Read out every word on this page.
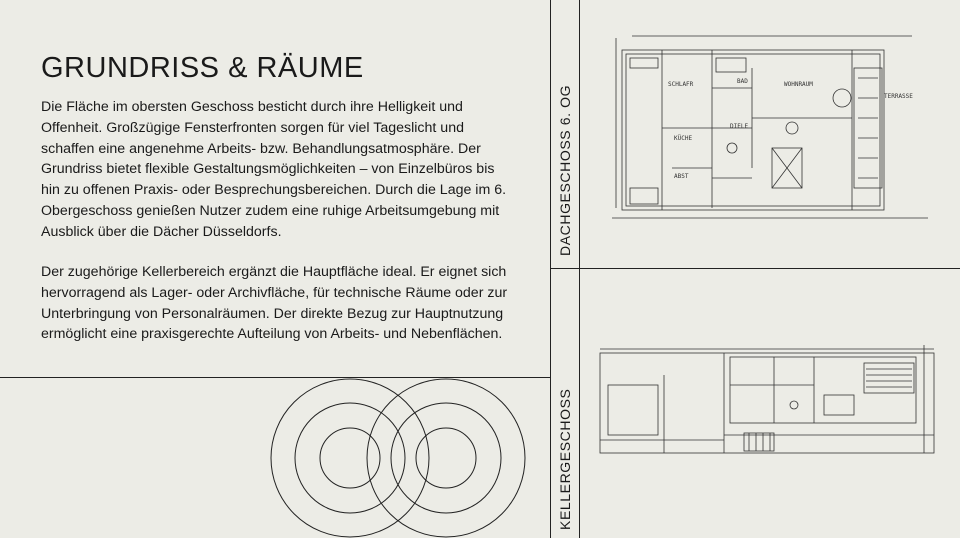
GRUNDRISS & RÄUME

Die Fläche im obersten Geschoss besticht durch ihre Helligkeit und Offenheit. Großzügige Fensterfronten sorgen für viel Tageslicht und schaffen eine angenehme Arbeits- bzw. Behandlungsatmosphäre. Der Grundriss bietet flexible Gestaltungsmöglichkeiten – von Einzelbüros bis hin zu offenen Praxis- oder Besprechungsbereichen. Durch die Lage im 6. Obergeschoss genießen Nutzer zudem eine ruhige Arbeitsumgebung mit Ausblick über die Dächer Düsseldorfs.

Der zugehörige Kellerbereich ergänzt die Hauptfläche ideal. Er eignet sich hervorragend als Lager- oder Archivfläche, für technische Räume oder zur Unterbringung von Personalräumen. Der direkte Bezug zur Hauptnutzung ermöglicht eine praxisgerechte Aufteilung von Arbeits- und Nebenflächen.

DACHGESCHOSS 6. OG
KELLERGESCHOSS
SCHLAFR	BAD	WOHNRAUM
TERRASSE
KÜCHE
DIELE
ABST
